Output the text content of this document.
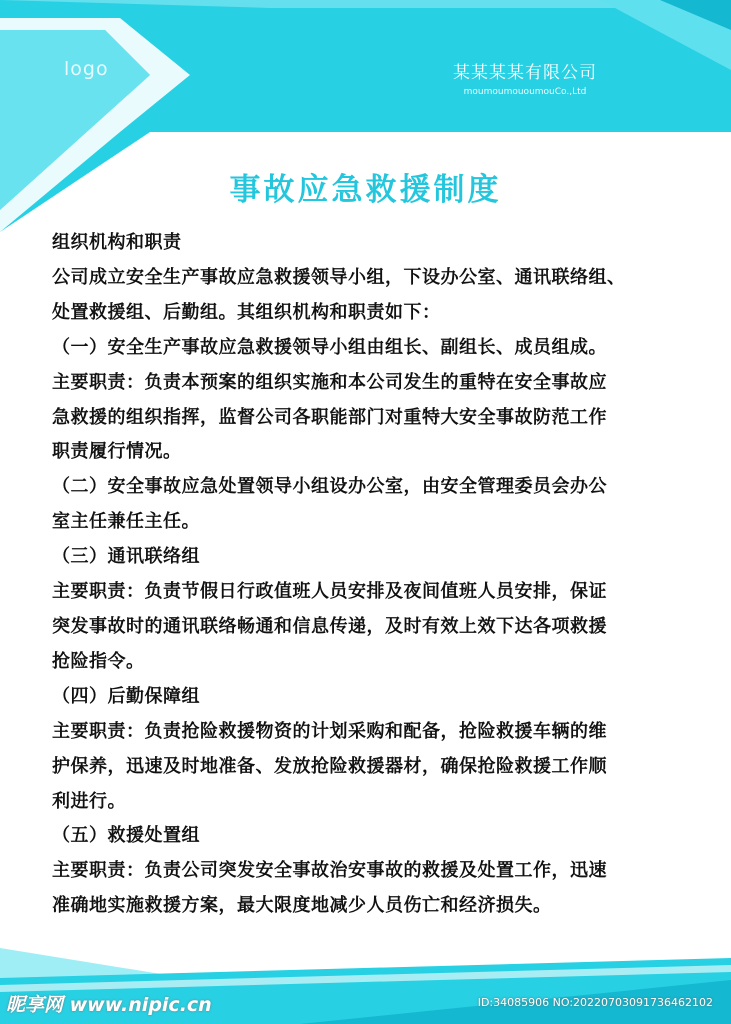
logo	某某某某有限公司
moumoumououmouCo.,Ltd
事故应急救援制度
组织机构和职责
公司成立安全生产事故应急救援领导小组，下设办公室、通讯联络组、
处置救援组、后勤组。其组织机构和职责如下：
（一）安全生产事故应急救援领导小组由组长、副组长、成员组成。
主要职责：负责本预案的组织实施和本公司发生的重特在安全事故应
急救援的组织指挥，监督公司各职能部门对重特大安全事故防范工作
职责履行情况。
（二）安全事故应急处置领导小组设办公室，由安全管理委员会办公
室主任兼任主任。
（三）通讯联络组
主要职责：负责节假日行政值班人员安排及夜间值班人员安排，保证
突发事故时的通讯联络畅通和信息传递，及时有效上效下达各项救援
抢险指令。
（四）后勤保障组
主要职责：负责抢险救援物资的计划采购和配备，抢险救援车辆的维
护保养，迅速及时地准备、发放抢险救援器材，确保抢险救援工作顺
利进行。
（五）救援处置组
主要职责：负责公司突发安全事故治安事故的救援及处置工作，迅速
准确地实施救援方案，最大限度地减少人员伤亡和经济损失。
昵享网 www.nipic.cn	ID:34085906 NO:20220703091736462102
